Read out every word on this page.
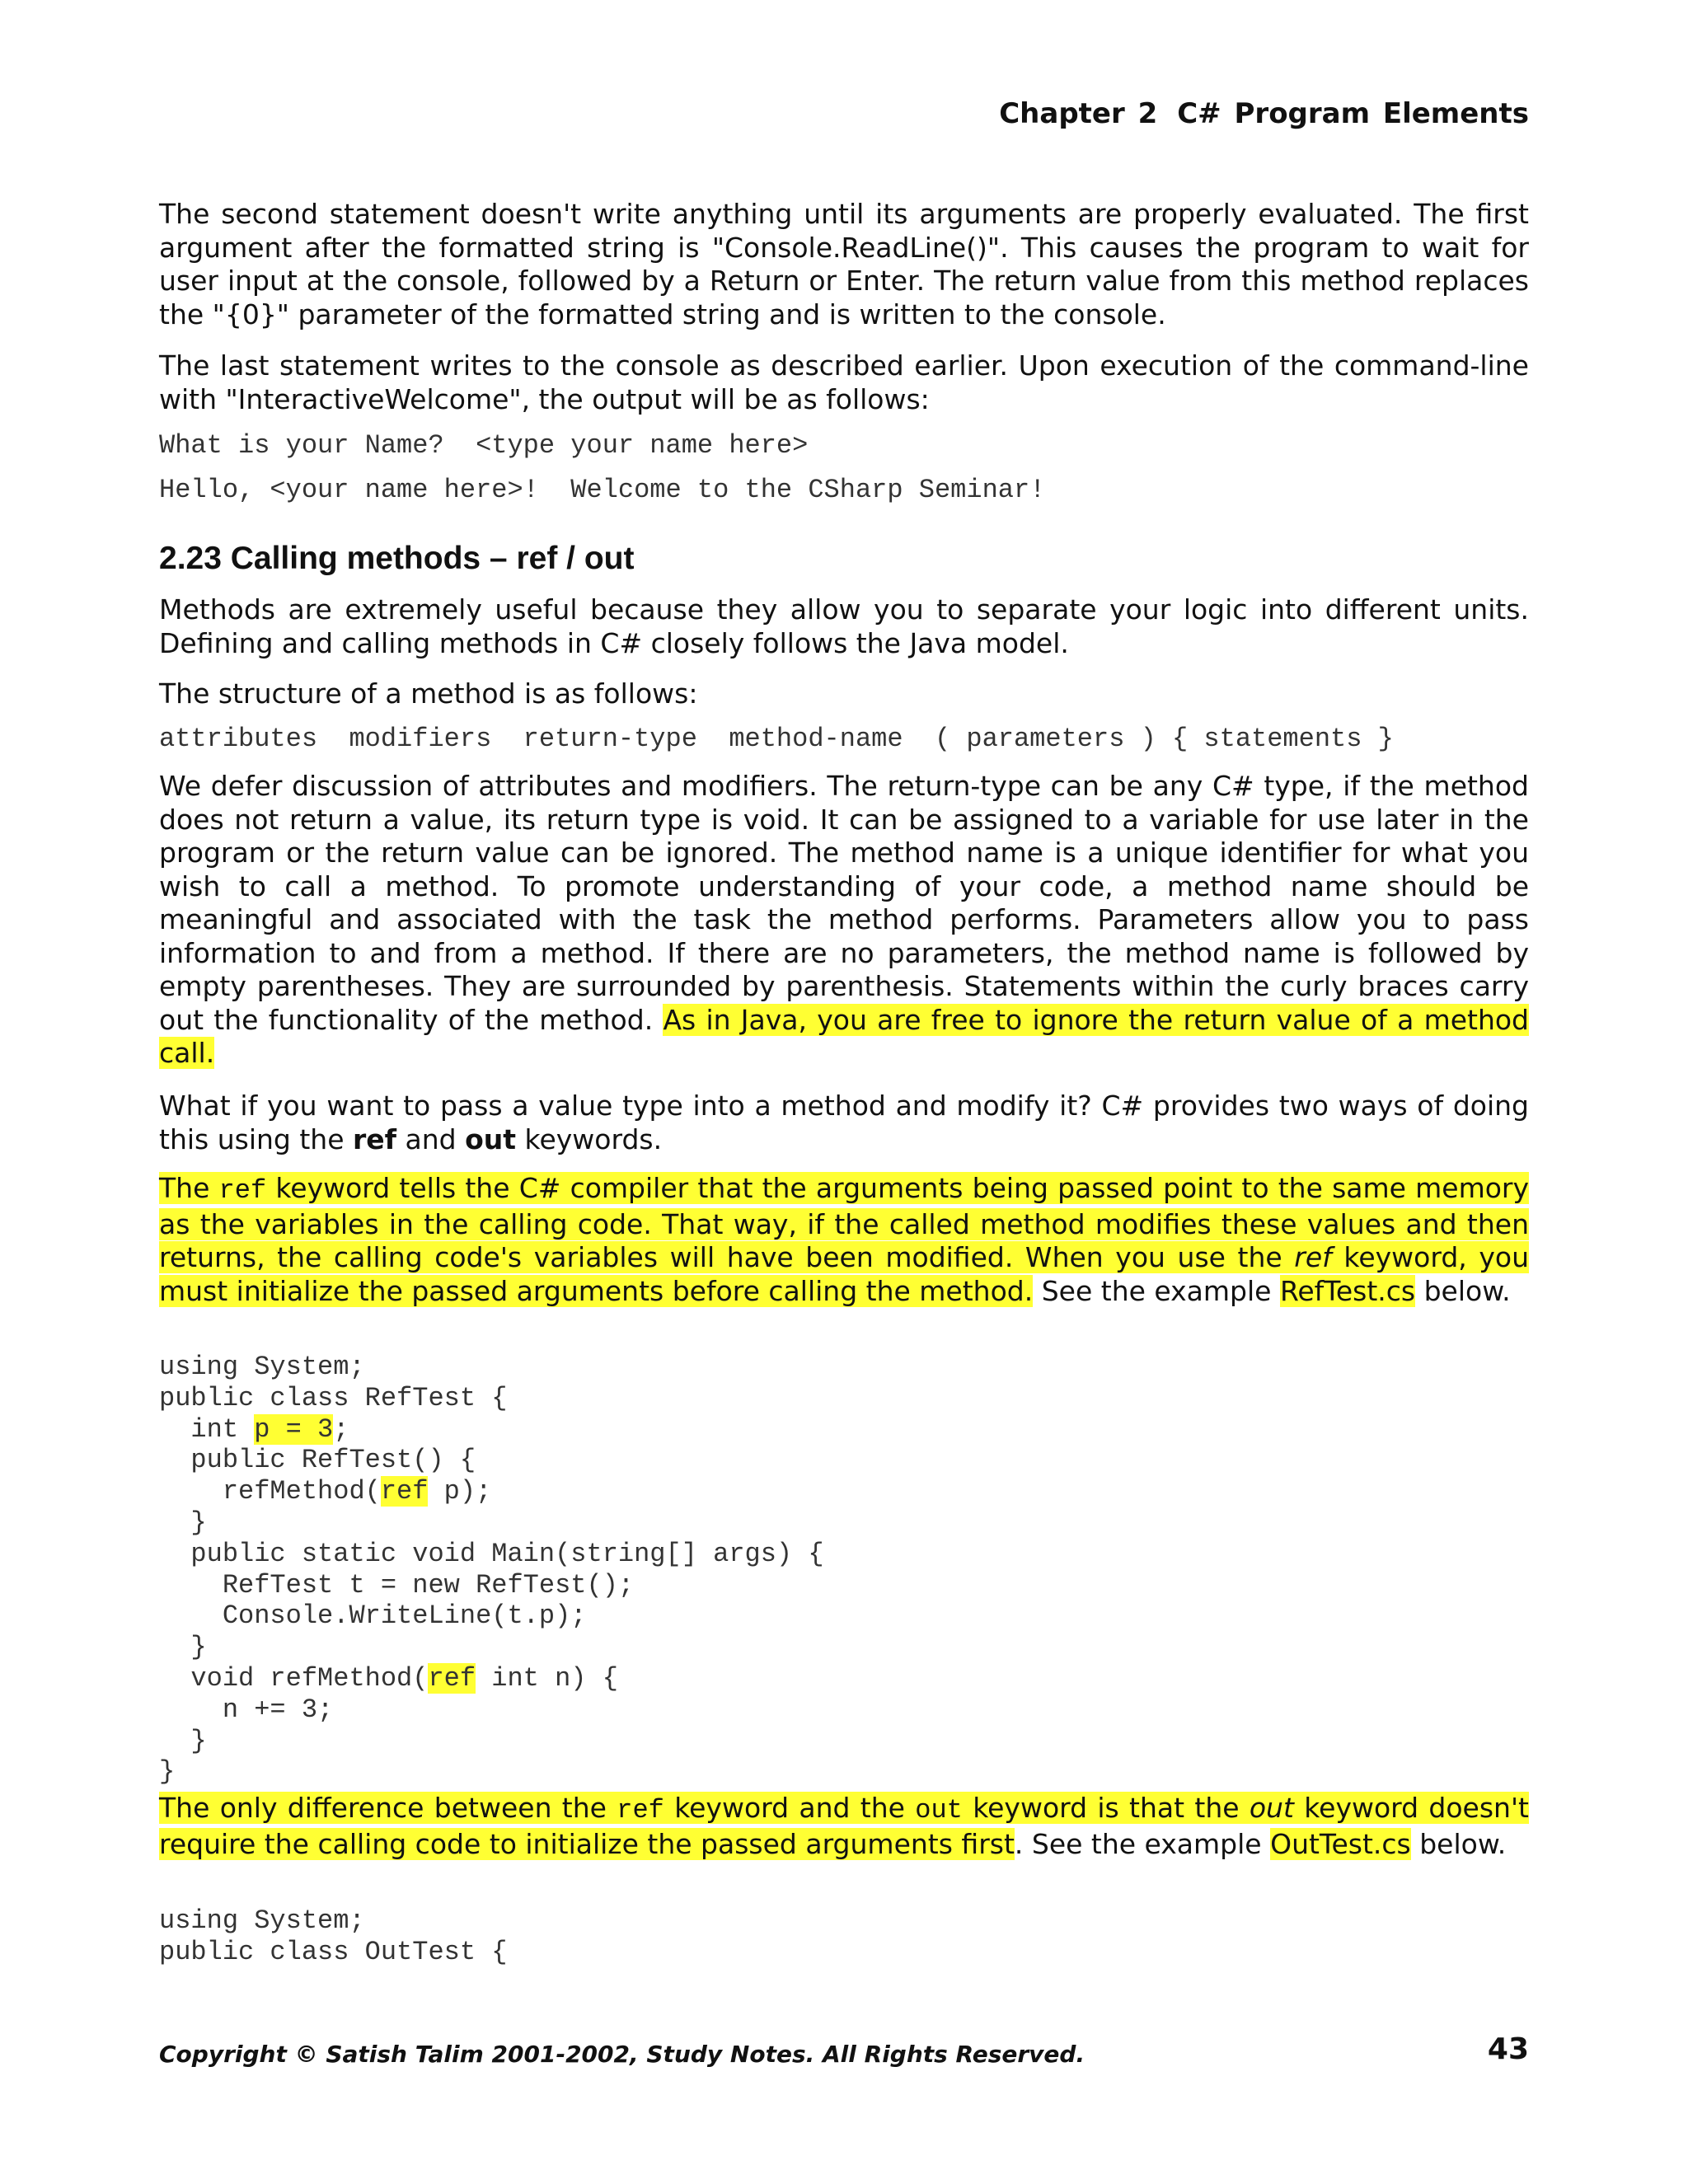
Chapter 2 C# Program Elements

The second statement doesn't write anything until its arguments are properly evaluated. The first argument after the formatted string is "Console.ReadLine()". This causes the program to wait for user input at the console, followed by a Return or Enter. The return value from this method replaces the "{0}" parameter of the formatted string and is written to the console.

The last statement writes to the console as described earlier. Upon execution of the command-line with "InteractiveWelcome", the output will be as follows:

What is your Name?  <type your name here>
Hello, <your name here>!  Welcome to the CSharp Seminar!
2.23 Calling methods – ref / out

Methods are extremely useful because they allow you to separate your logic into different units. Defining and calling methods in C# closely follows the Java model.

The structure of a method is as follows:

attributes  modifiers  return-type  method-name  ( parameters ) { statements }

We defer discussion of attributes and modifiers. The return-type can be any C# type, if the method does not return a value, its return type is void. It can be assigned to a variable for use later in the program or the return value can be ignored. The method name is a unique identifier for what you wish to call a method. To promote understanding of your code, a method name should be meaningful and associated with the task the method performs. Parameters allow you to pass information to and from a method. If there are no parameters, the method name is followed by empty parentheses. They are surrounded by parenthesis. Statements within the curly braces carry out the functionality of the method. As in Java, you are free to ignore the return value of a method call.

What if you want to pass a value type into a method and modify it? C# provides two ways of doing this using the ref and out keywords.

The ref keyword tells the C# compiler that the arguments being passed point to the same memory as the variables in the calling code. That way, if the called method modifies these values and then returns, the calling code's variables will have been modified. When you use the ref keyword, you must initialize the passed arguments before calling the method. See the example RefTest.cs below.

using System;
public class RefTest {
int p = 3;
public RefTest() {
refMethod(ref p);
}
public static void Main(string[] args) {
RefTest t = new RefTest();
Console.WriteLine(t.p);
}
void refMethod(ref int n) {
n += 3;
}
}

The only difference between the ref keyword and the out keyword is that the out keyword doesn't require the calling code to initialize the passed arguments first. See the example OutTest.cs below.

using System;
public class OutTest {
Copyright © Satish Talim 2001-2002, Study Notes. All Rights Reserved.	43
